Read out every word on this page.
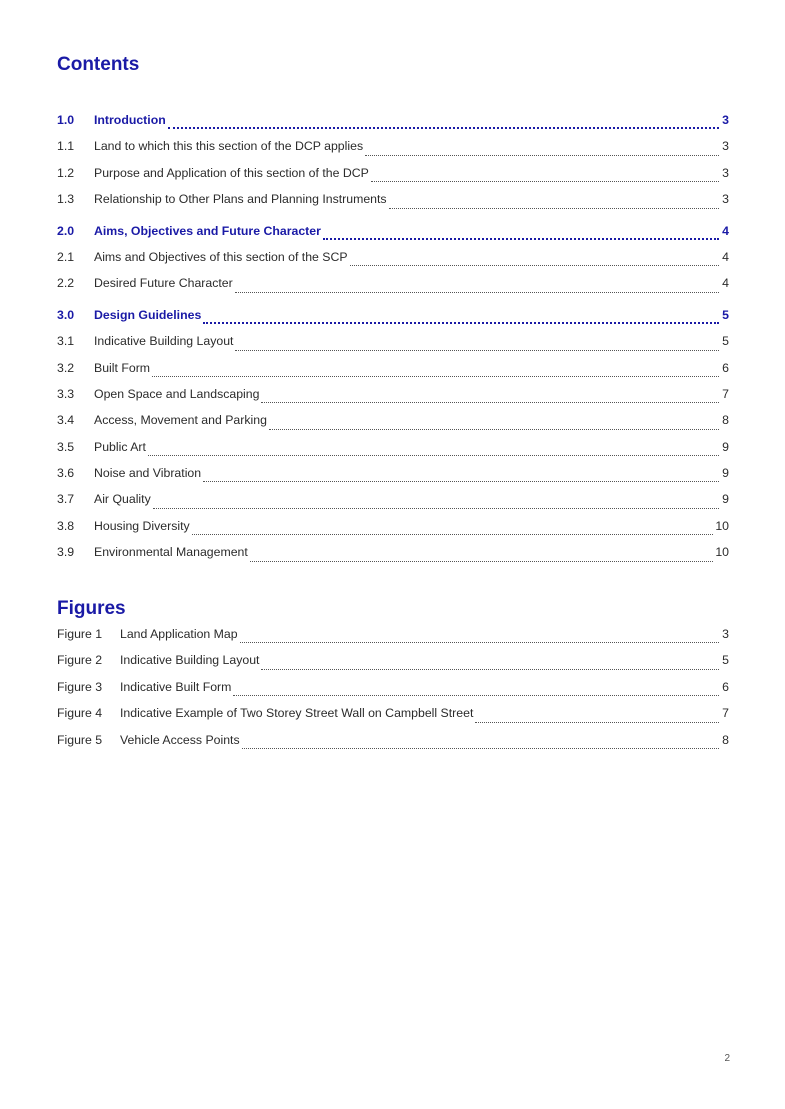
Contents
1.0	Introduction	3
1.1	Land to which this this section of the DCP applies	3
1.2	Purpose and Application of this section of the DCP	3
1.3	Relationship to Other Plans and Planning Instruments	3
2.0	Aims, Objectives and Future Character	4
2.1	Aims and Objectives of this section of the SCP	4
2.2	Desired Future Character	4
3.0	Design Guidelines	5
3.1	Indicative Building Layout	5
3.2	Built Form	6
3.3	Open Space and Landscaping	7
3.4	Access, Movement and Parking	8
3.5	Public Art	9
3.6	Noise and Vibration	9
3.7	Air Quality	9
3.8	Housing Diversity	10
3.9	Environmental Management	10
Figures
Figure 1	Land Application Map	3
Figure 2	Indicative Building Layout	5
Figure 3	Indicative Built Form	6
Figure 4	Indicative Example of Two Storey Street Wall on Campbell Street	7
Figure 5	Vehicle Access Points	8
2
